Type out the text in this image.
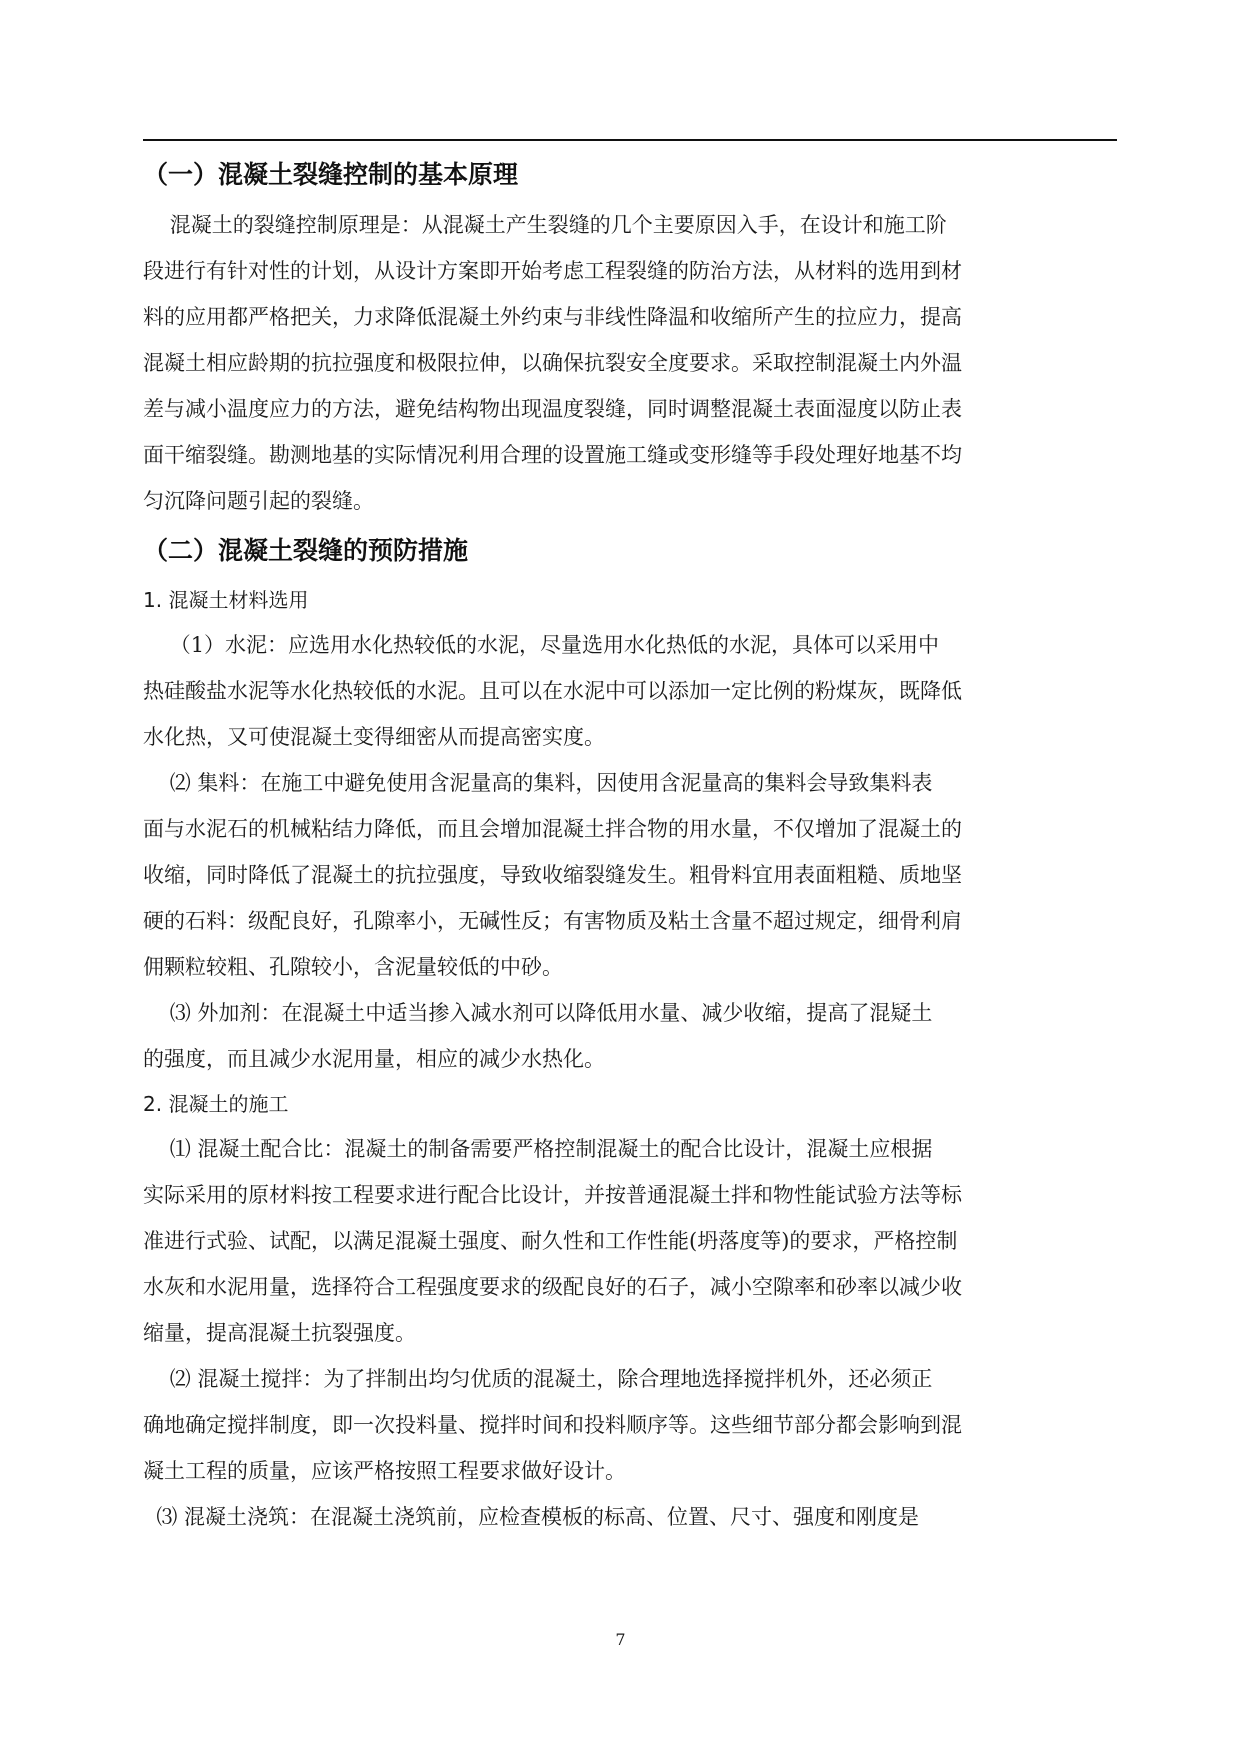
（一）混凝土裂缝控制的基本原理

混凝土的裂缝控制原理是：从混凝土产生裂缝的几个主要原因入手，在设计和施工阶
段进行有针对性的计划，从设计方案即开始考虑工程裂缝的防治方法，从材料的选用到材
料的应用都严格把关，力求降低混凝土外约束与非线性降温和收缩所产生的拉应力，提高
混凝土相应龄期的抗拉强度和极限拉伸，以确保抗裂安全度要求。采取控制混凝土内外温
差与减小温度应力的方法，避免结构物出现温度裂缝，同时调整混凝土表面湿度以防止表
面干缩裂缝。勘测地基的实际情况利用合理的设置施工缝或变形缝等手段处理好地基不均
匀沉降问题引起的裂缝。

（二）混凝土裂缝的预防措施
1. 混凝土材料选用

（1）水泥：应选用水化热较低的水泥，尽量选用水化热低的水泥，具体可以采用中
热硅酸盐水泥等水化热较低的水泥。且可以在水泥中可以添加一定比例的粉煤灰，既降低
水化热，又可使混凝土变得细密从而提高密实度。

⑵ 集料：在施工中避免使用含泥量高的集料，因使用含泥量高的集料会导致集料表
面与水泥石的机械粘结力降低，而且会增加混凝土拌合物的用水量，不仅增加了混凝土的
收缩，同时降低了混凝土的抗拉强度，导致收缩裂缝发生。粗骨料宜用表面粗糙、质地坚
硬的石料：级配良好，孔隙率小，无碱性反；有害物质及粘土含量不超过规定，细骨利肩
佣颗粒较粗、孔隙较小，含泥量较低的中砂。

⑶ 外加剂：在混凝土中适当掺入减水剂可以降低用水量、减少收缩，提高了混疑土
的强度，而且减少水泥用量，相应的减少水热化。

2. 混凝土的施工

⑴ 混凝土配合比：混凝土的制备需要严格控制混凝土的配合比设计，混凝土应根据
实际采用的原材料按工程要求进行配合比设计，并按普通混凝土拌和物性能试验方法等标
准进行式验、试配，以满足混凝土强度、耐久性和工作性能(坍落度等)的要求，严格控制
水灰和水泥用量，选择符合工程强度要求的级配良好的石子，减小空隙率和砂率以减少收
缩量，提高混凝土抗裂强度。

⑵ 混凝土搅拌：为了拌制出均匀优质的混凝土，除合理地选择搅拌机外，还必须正
确地确定搅拌制度，即一次投料量、搅拌时间和投料顺序等。这些细节部分都会影响到混
凝土工程的质量，应该严格按照工程要求做好设计。

⑶ 混凝土浇筑：在混凝土浇筑前，应检查模板的标高、位置、尺寸、强度和刚度是

7
